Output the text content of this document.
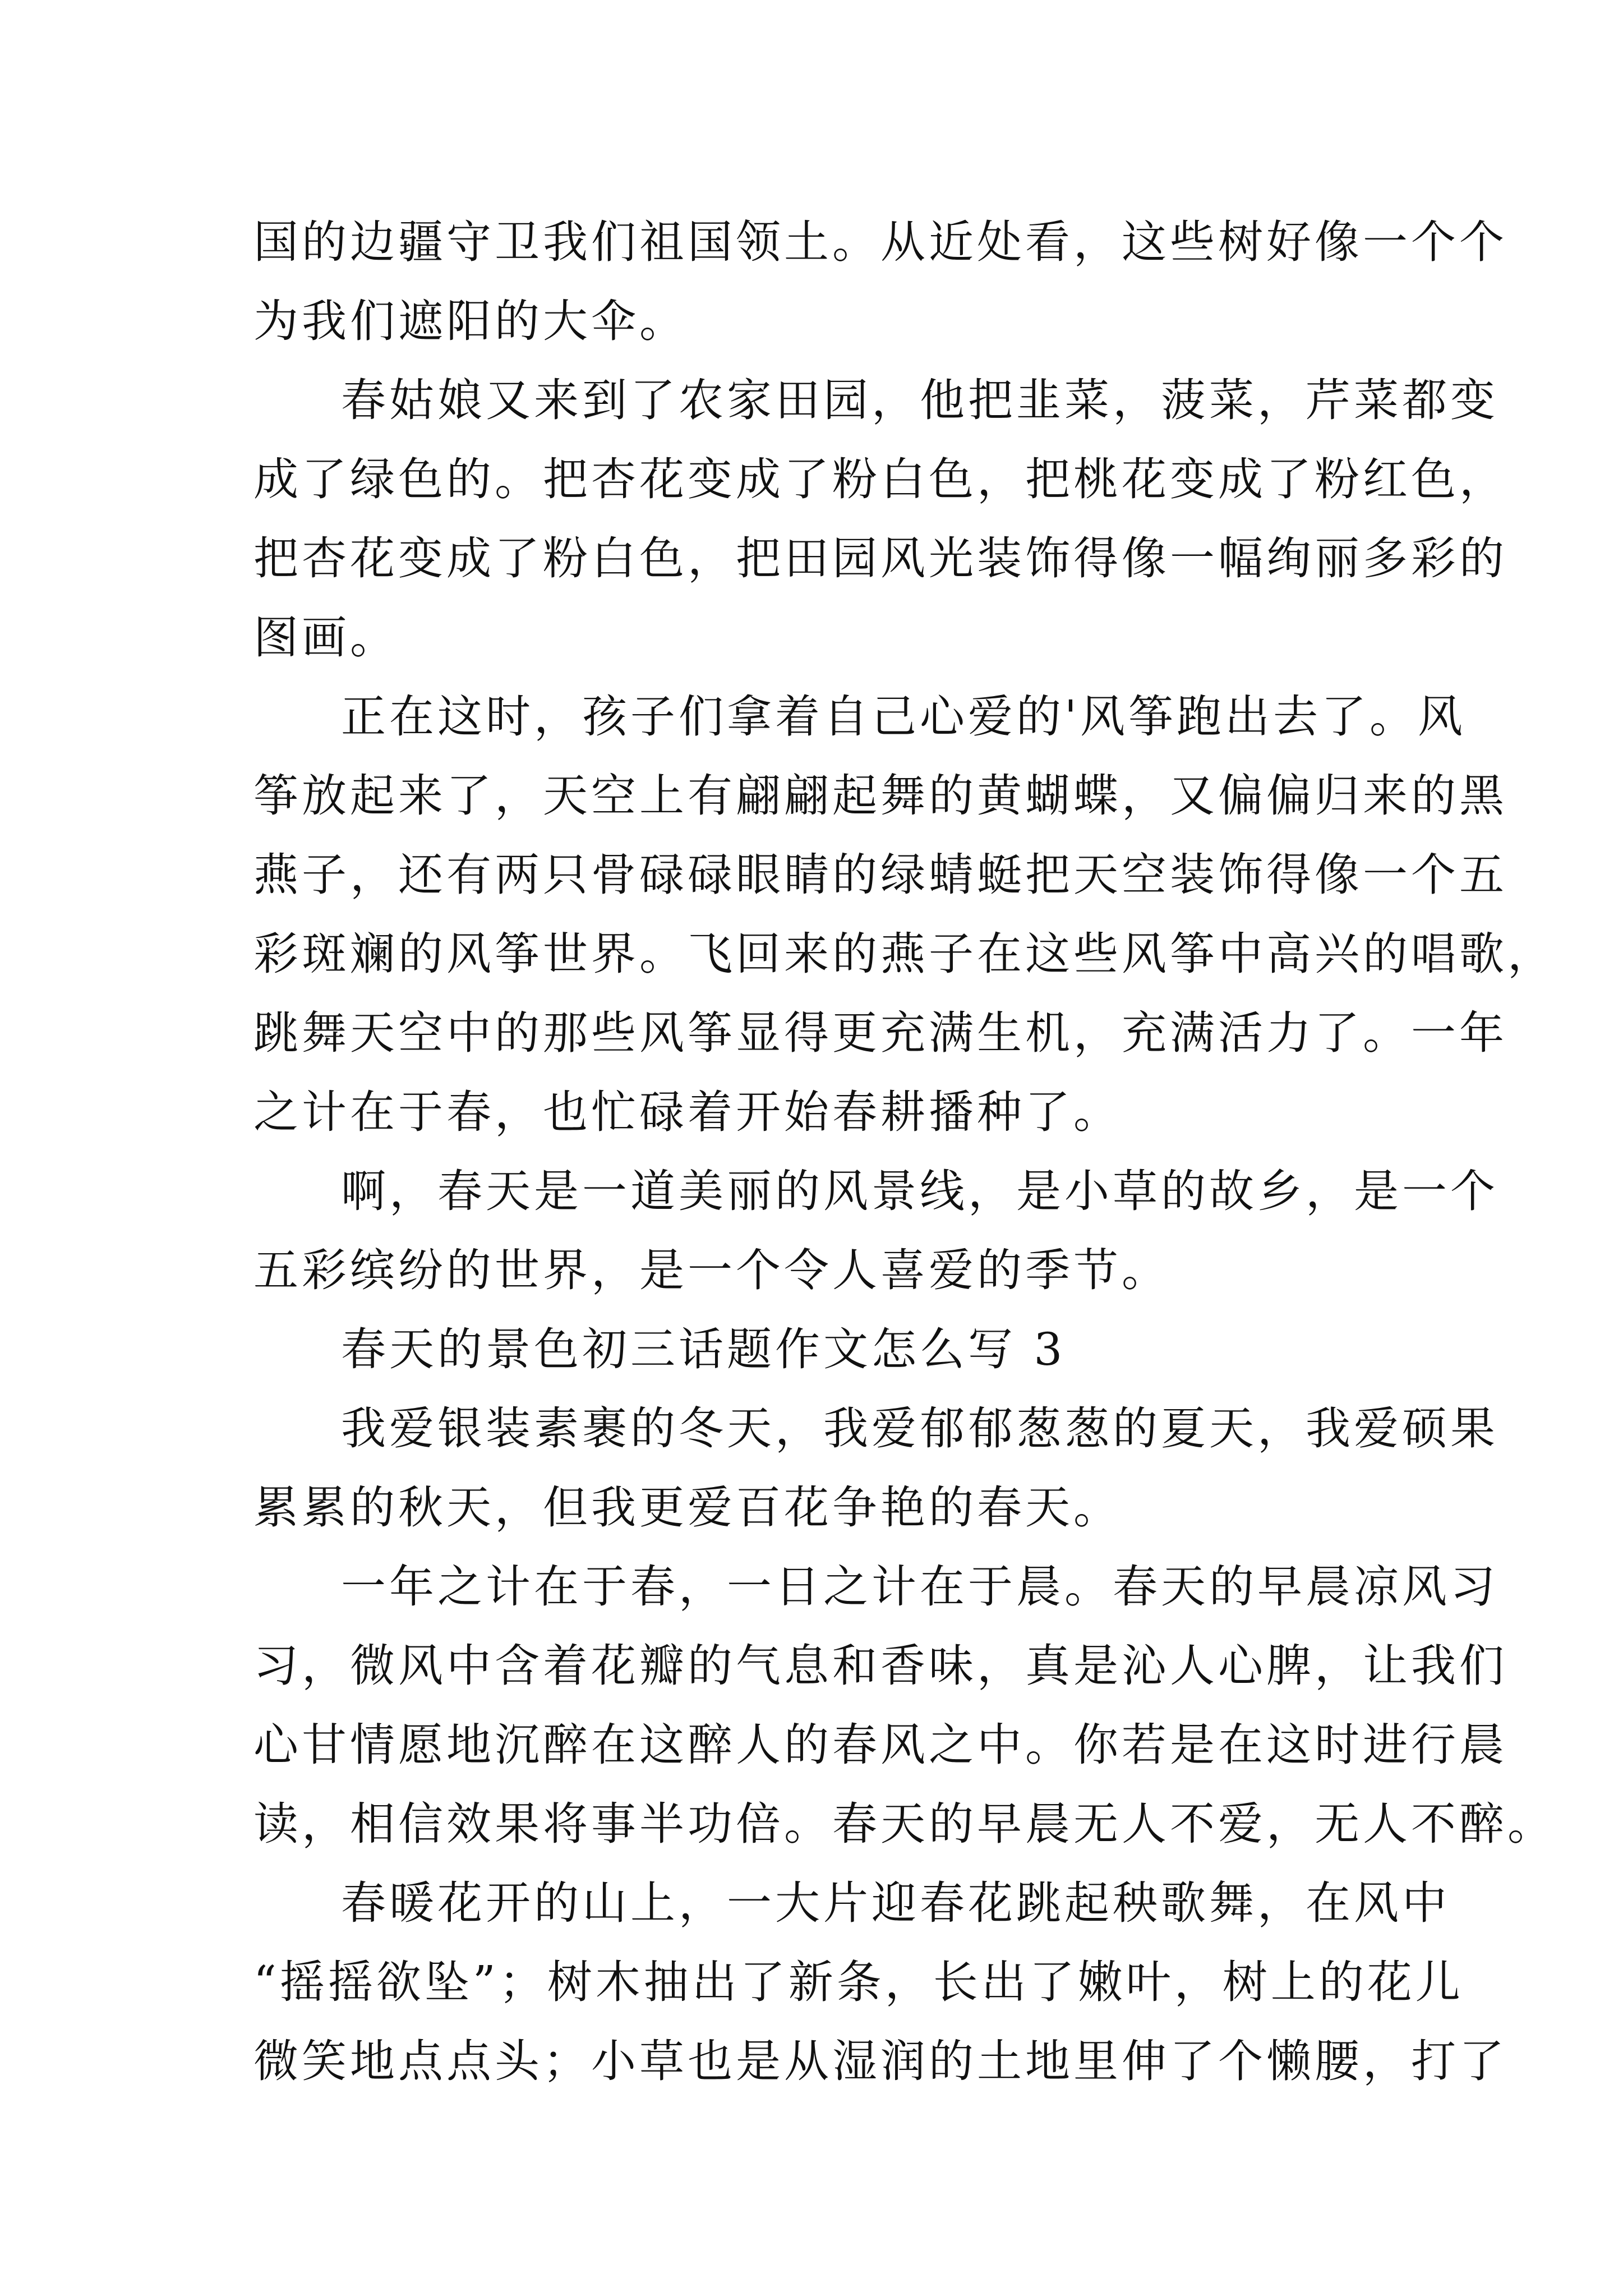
国的边疆守卫我们祖国领土。从近处看，这些树好像一个个
为我们遮阳的大伞。
春姑娘又来到了农家田园，他把韭菜，菠菜，芹菜都变
成了绿色的。把杏花变成了粉白色，把桃花变成了粉红色，
把杏花变成了粉白色，把田园风光装饰得像一幅绚丽多彩的
图画。
正在这时，孩子们拿着自己心爱的'风筝跑出去了。风
筝放起来了，天空上有翩翩起舞的黄蝴蝶，又偏偏归来的黑
燕子，还有两只骨碌碌眼睛的绿蜻蜓把天空装饰得像一个五
彩斑斓的风筝世界。飞回来的燕子在这些风筝中高兴的唱歌，
跳舞天空中的那些风筝显得更充满生机，充满活力了。一年
之计在于春，也忙碌着开始春耕播种了。
啊，春天是一道美丽的风景线，是小草的故乡，是一个
五彩缤纷的世界，是一个令人喜爱的季节。
春天的景色初三话题作文怎么写 3
我爱银装素裹的冬天，我爱郁郁葱葱的夏天，我爱硕果
累累的秋天，但我更爱百花争艳的春天。
一年之计在于春，一日之计在于晨。春天的早晨凉风习
习，微风中含着花瓣的气息和香味，真是沁人心脾，让我们
心甘情愿地沉醉在这醉人的春风之中。你若是在这时进行晨
读，相信效果将事半功倍。春天的早晨无人不爱，无人不醉。
春暖花开的山上，一大片迎春花跳起秧歌舞，在风中
“摇摇欲坠”；树木抽出了新条，长出了嫩叶，树上的花儿
微笑地点点头；小草也是从湿润的土地里伸了个懒腰，打了
